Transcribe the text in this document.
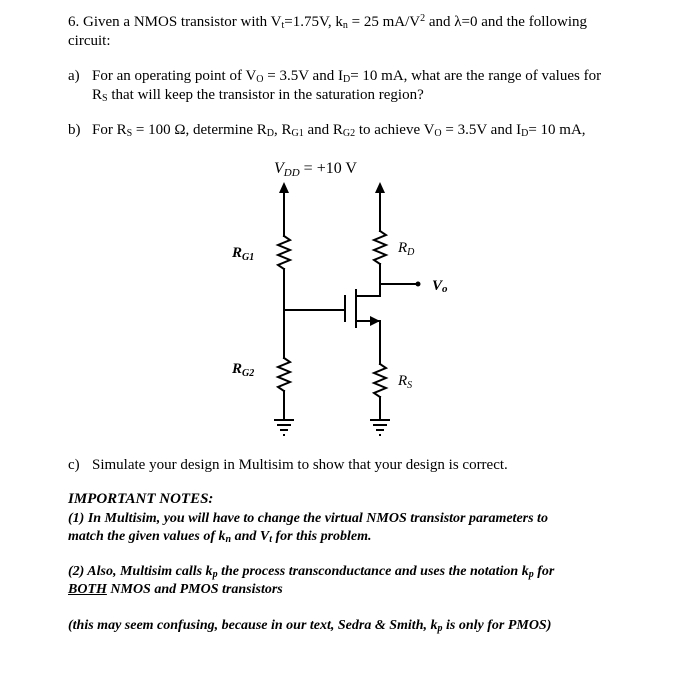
6. Given a NMOS transistor with $V_t=1.75V$, $k_n = 25$ $mA/V^2$ and λ=0 and the following
circuit:
a) For an operating point of $V_O = 3.5V$ and $I_D= 10$ mA, what are the range of values for
$R_S$ that will keep the transistor in the saturation region?
b) For $R_S = 100$ Ω, determine $R_D$, $R_{G1}$ and $R_{G2}$ to achieve $V_O = 3.5V$ and $I_D= 10$ mA,
VDD = +10 V
$R_{G1}$
$R_{G2}$
$R_D$
$R_S$
Vo
c) Simulate your design in Multisim to show that your design is correct.
IMPORTANT NOTES:
(1) In Multisim, you will have to change the virtual NMOS transistor parameters to
match the given values of $k_n$ and $V_t$ for this problem.
(2) Also, Multisim calls $k_p$ the process transconductance and uses the notation $k_p$ for
BOTH NMOS and PMOS transistors
(this may seem confusing, because in our text, Sedra & Smith, $k_p$ is only for PMOS)
